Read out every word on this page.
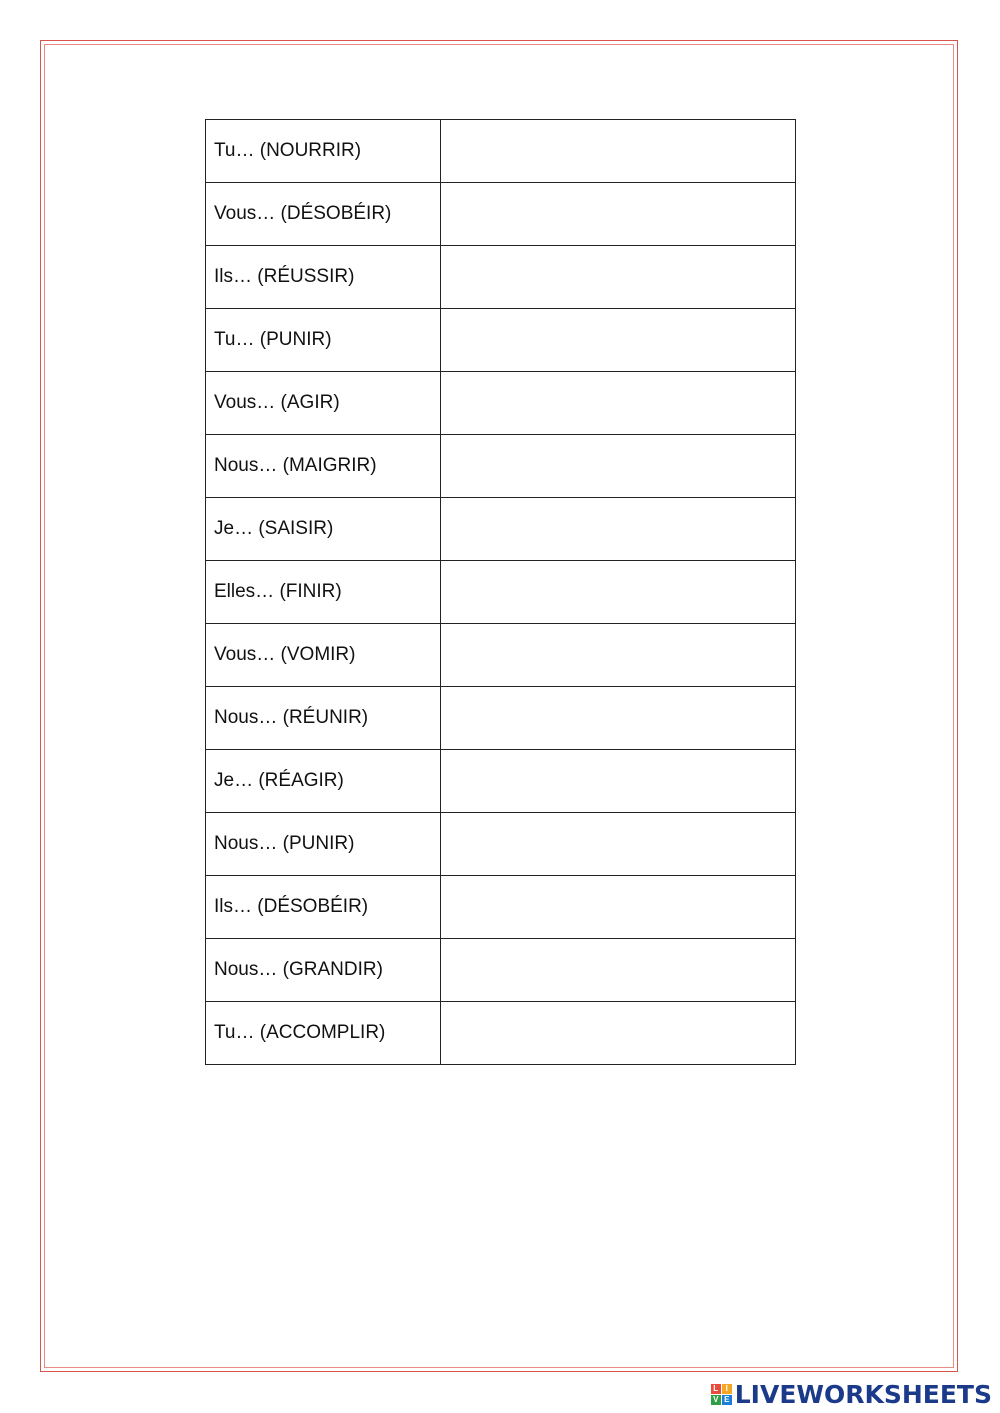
Tu… (NOURRIR)	
Vous… (DÉSOBÉIR)	
Ils… (RÉUSSIR)	
Tu… (PUNIR)	
Vous… (AGIR)	
Nous… (MAIGRIR)	
Je… (SAISIR)	
Elles… (FINIR)	
Vous… (VOMIR)	
Nous… (RÉUNIR)	
Je… (RÉAGIR)	
Nous… (PUNIR)	
Ils… (DÉSOBÉIR)	
Nous… (GRANDIR)	
Tu… (ACCOMPLIR)	
L I
V E LIVEWORKSHEETS
